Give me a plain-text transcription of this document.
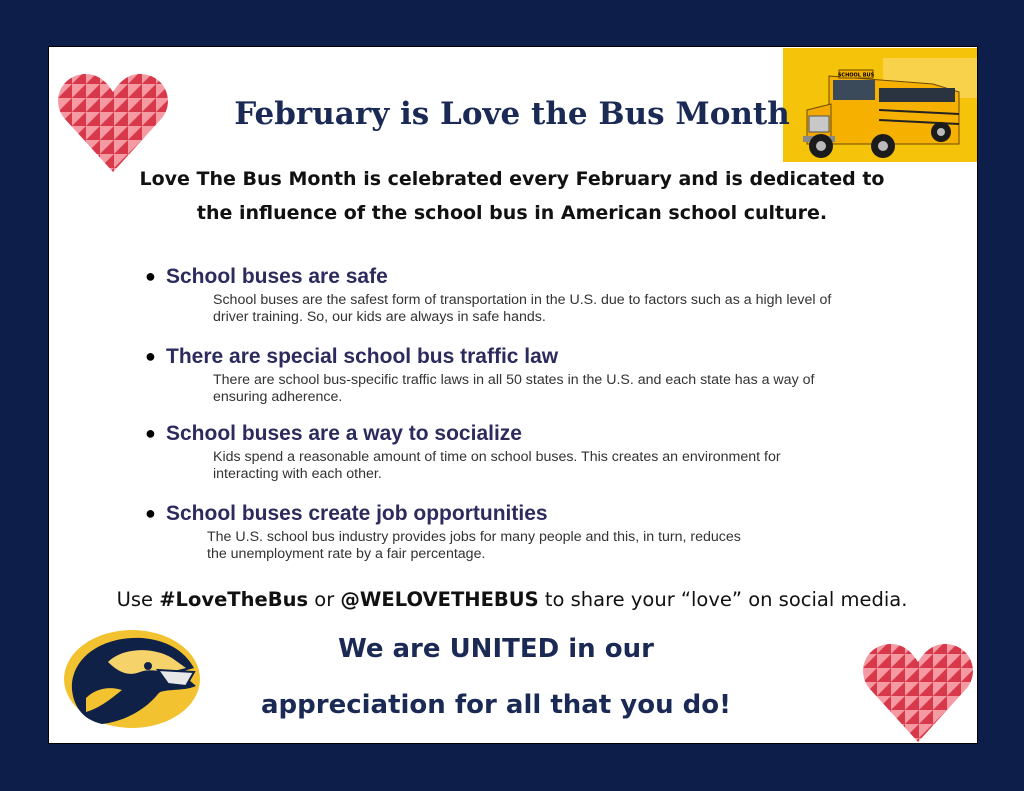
SCHOOL BUS
February is Love the Bus Month
Love The Bus Month is celebrated every February and is dedicated to
the influence of the school bus in American school culture.
● School buses are safe
School buses are the safest form of transportation in the U.S. due to factors such as a high level of
driver training. So, our kids are always in safe hands.
● There are special school bus traffic law
There are school bus-specific traffic laws in all 50 states in the U.S. and each state has a way of
ensuring adherence.
● School buses are a way to socialize
Kids spend a reasonable amount of time on school buses. This creates an environment for
interacting with each other.
● School buses create job opportunities
The U.S. school bus industry provides jobs for many people and this, in turn, reduces
the unemployment rate by a fair percentage.
Use #LoveTheBus or @WELOVETHEBUS to share your “love” on social media.
We are UNITED in our
appreciation for all that you do!
